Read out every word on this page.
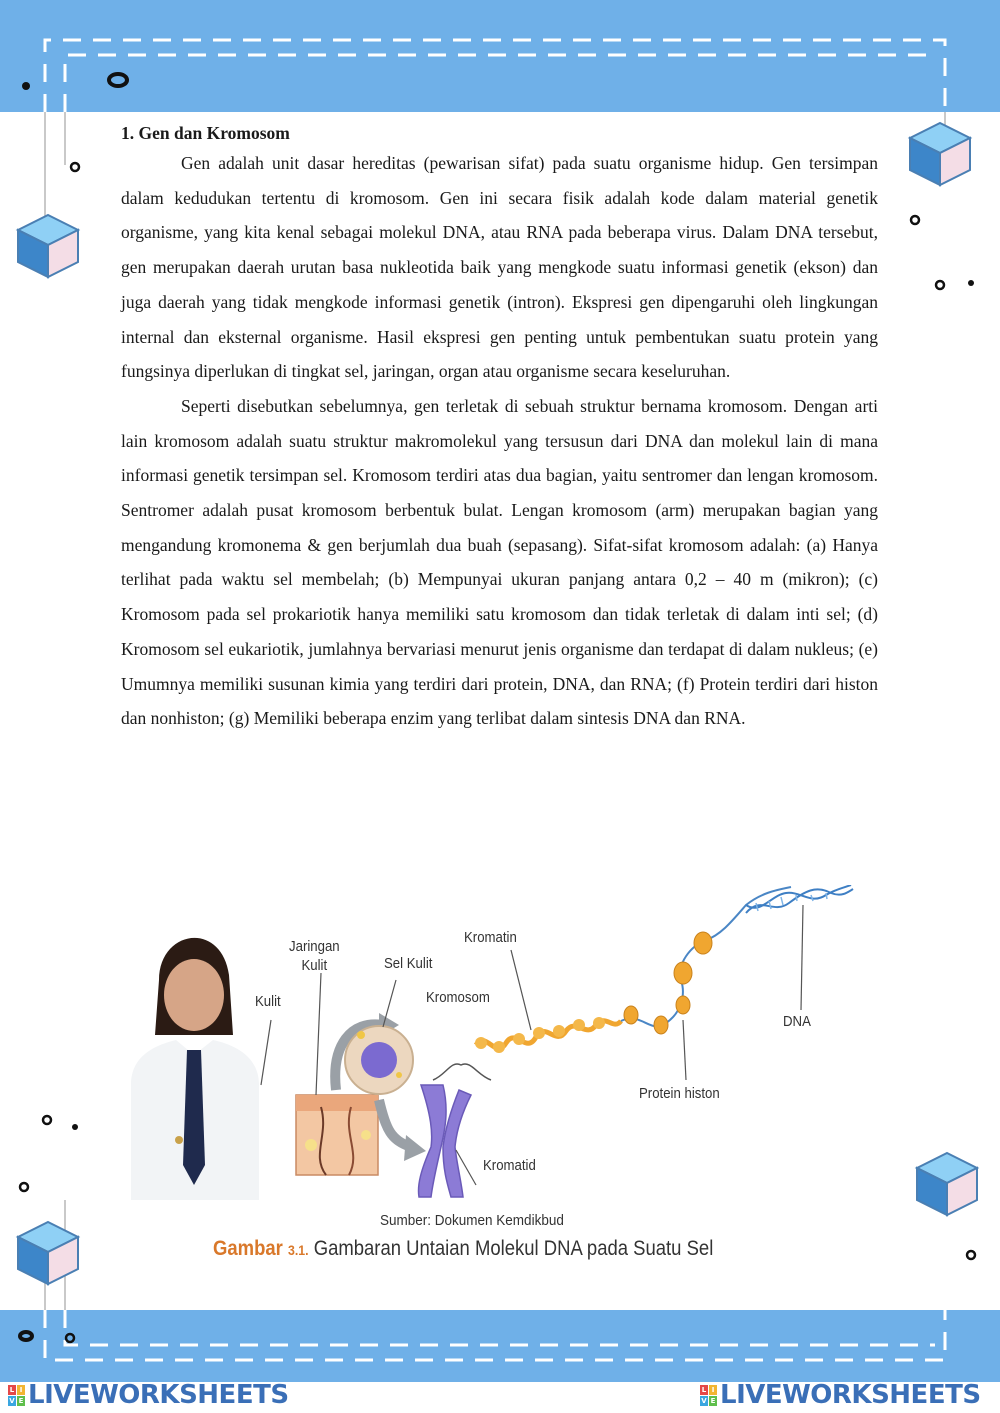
1. Gen dan Kromosom

Gen adalah unit dasar hereditas (pewarisan sifat) pada suatu organisme hidup. Gen tersimpan dalam kedudukan tertentu di kromosom. Gen ini secara fisik adalah kode dalam material genetik organisme, yang kita kenal sebagai molekul DNA, atau RNA pada beberapa virus. Dalam DNA tersebut, gen merupakan daerah urutan basa nukleotida baik yang mengkode suatu informasi genetik (ekson) dan juga daerah yang tidak mengkode informasi genetik (intron). Ekspresi gen dipengaruhi oleh lingkungan internal dan eksternal organisme. Hasil ekspresi gen penting untuk pembentukan suatu protein yang fungsinya diperlukan di tingkat sel, jaringan, organ atau organisme secara keseluruhan.

Seperti disebutkan sebelumnya, gen terletak di sebuah struktur bernama kromosom. Dengan arti lain kromosom adalah suatu struktur makromolekul yang tersusun dari DNA dan molekul lain di mana informasi genetik tersimpan sel. Kromosom terdiri atas dua bagian, yaitu sentromer dan lengan kromosom. Sentromer adalah pusat kromosom berbentuk bulat. Lengan kromosom (arm) merupakan bagian yang mengandung kromonema & gen berjumlah dua buah (sepasang). Sifat-sifat kromosom adalah: (a) Hanya terlihat pada waktu sel membelah; (b) Mempunyai ukuran panjang antara 0,2 – 40 m (mikron); (c) Kromosom pada sel prokariotik hanya memiliki satu kromosom dan tidak terletak di dalam inti sel; (d) Kromosom sel eukariotik, jumlahnya bervariasi menurut jenis organisme dan terdapat di dalam nukleus; (e) Umumnya memiliki susunan kimia yang terdiri dari protein, DNA, dan RNA; (f) Protein terdiri dari histon dan nonhiston; (g) Memiliki beberapa enzim yang terlibat dalam sintesis DNA dan RNA.

Kulit
Jaringan
Kulit	Sel Kulit
Kromatin
Kromosom
DNA
Protein histon
Kromatid
Sumber: Dokumen Kemdikbud
Gambar 3.1. Gambaran Untaian Molekul DNA pada Suatu Sel
L I
V E LIVEWORKSHEETS	L I
V E LIVEWORKSHEETS
